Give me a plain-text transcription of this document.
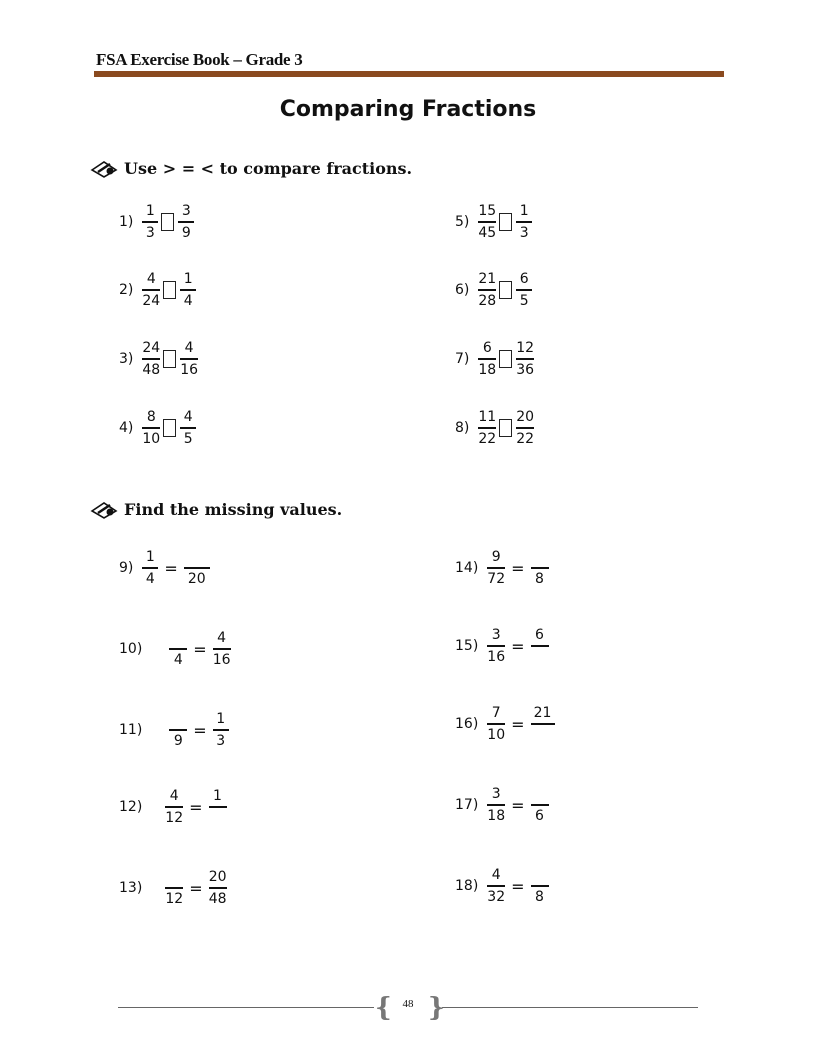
FSA Exercise Book – Grade 3
Comparing Fractions
Use > = < to compare fractions.
$1) \frac{1}{3} \frac{3}{9}$
$2) \frac{4}{24} \frac{1}{4}$
$3) \frac{24}{48} \frac{4}{16}$
$4) \frac{8}{10} \frac{4}{5}$
$5) \frac{15}{45} \frac{1}{3}$
$6) \frac{21}{28} \frac{6}{5}$
$7) \frac{6}{18} \frac{12}{36}$
$8) \frac{11}{22} \frac{20}{22}$
Find the missing values.
$9) \frac{1}{4}$ =
20
10)
4
= $\frac{4}{16}$
11)
9
= $\frac{1}{3}$
$12) \frac{4}{12}$ =
1
13)
12
= $\frac{20}{48}$
$14) \frac{9}{72}$ =
8
$15) \frac{3}{16}$ =
6
$16) \frac{7}{10}$ =
21
$17) \frac{3}{18}$ =
6
$18) \frac{4}{32}$ =
8
{ }
48
